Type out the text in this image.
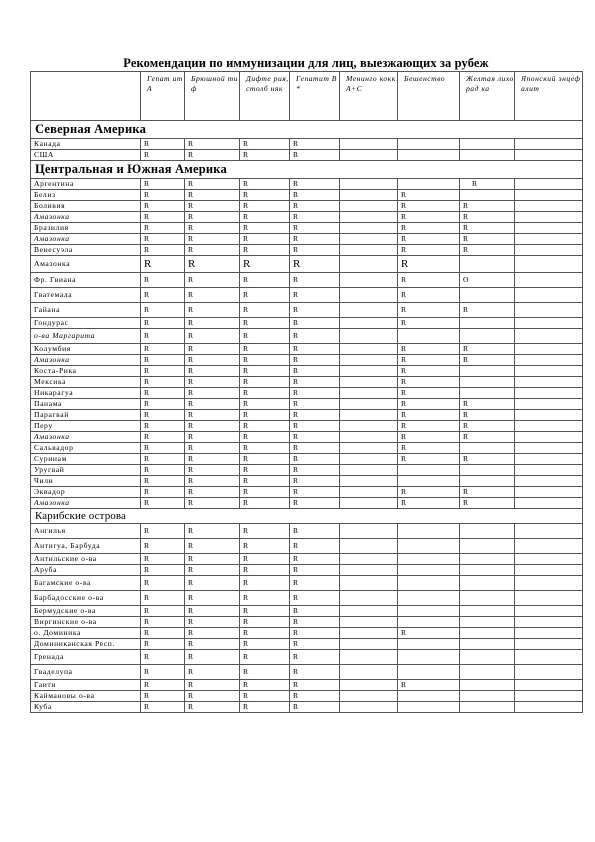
Рекомендации по иммунизации для лиц, выезжающих за рубеж
	Гепат ит А	Брюшной тиф	Дифте рия, столб няк	Гепатит В*	Менинго кокк А+С	Бешенство	Желтая лихорад ка	Японский энцефалит
Северная Америка								
Канада	R	R	R	R				
США	R	R	R	R				
Центральная и Южная Америка								
Аргентина	R	R	R	R			R	
Белиз	R	R	R	R		R		
Боливия	R	R	R	R		R	R	
Амазонка	R	R	R	R		R	R	
Бразилия	R	R	R	R		R	R	
Амазонка	R	R	R	R		R	R	
Венесуэла	R	R	R	R		R	R	
Амазонка	R	R	R	R		R		
Фр. Гвиана	R	R	R	R		R	O	
Гватемала	R	R	R	R		R		
Гайана	R	R	R	R		R	R	
Гондурас	R	R	R	R		R		
о-ва Маргарита	R	R	R	R				
Колумбия	R	R	R	R		R	R	
Амазонка	R	R	R	R		R	R	
Коста-Рика	R	R	R	R		R		
Мексика	R	R	R	R		R		
Никарагуа	R	R	R	R		R		
Панама	R	R	R	R		R	R	
Парагвай	R	R	R	R		R	R	
Перу	R	R	R	R		R	R	
Амазонка	R	R	R	R		R	R	
Сальвадор	R	R	R	R		R		
Суринам	R	R	R	R		R	R	
Уругвай	R	R	R	R				
Чили	R	R	R	R				
Эквадор	R	R	R	R		R	R	
Амазонка	R	R	R	R		R	R	
Карибские острова								
Ангилья	R	R	R	R				
Антигуа, Барбуда	R	R	R	R				
Антильские о-ва	R	R	R	R				
Аруба	R	R	R	R				
Багамские о-ва	R	R	R	R				
Барбадосские о-ва	R	R	R	R				
Бермудские о-ва	R	R	R	R				
Виргинские о-ва	R	R	R	R				
о. Доминика	R	R	R	R		R		
Доминиканская Респ.	R	R	R	R				
Гренада	R	R	R	R				
Гваделупа	R	R	R	R				
Гаити	R	R	R	R		R		
Каймановы о-ва	R	R	R	R				
Куба	R	R	R	R				
